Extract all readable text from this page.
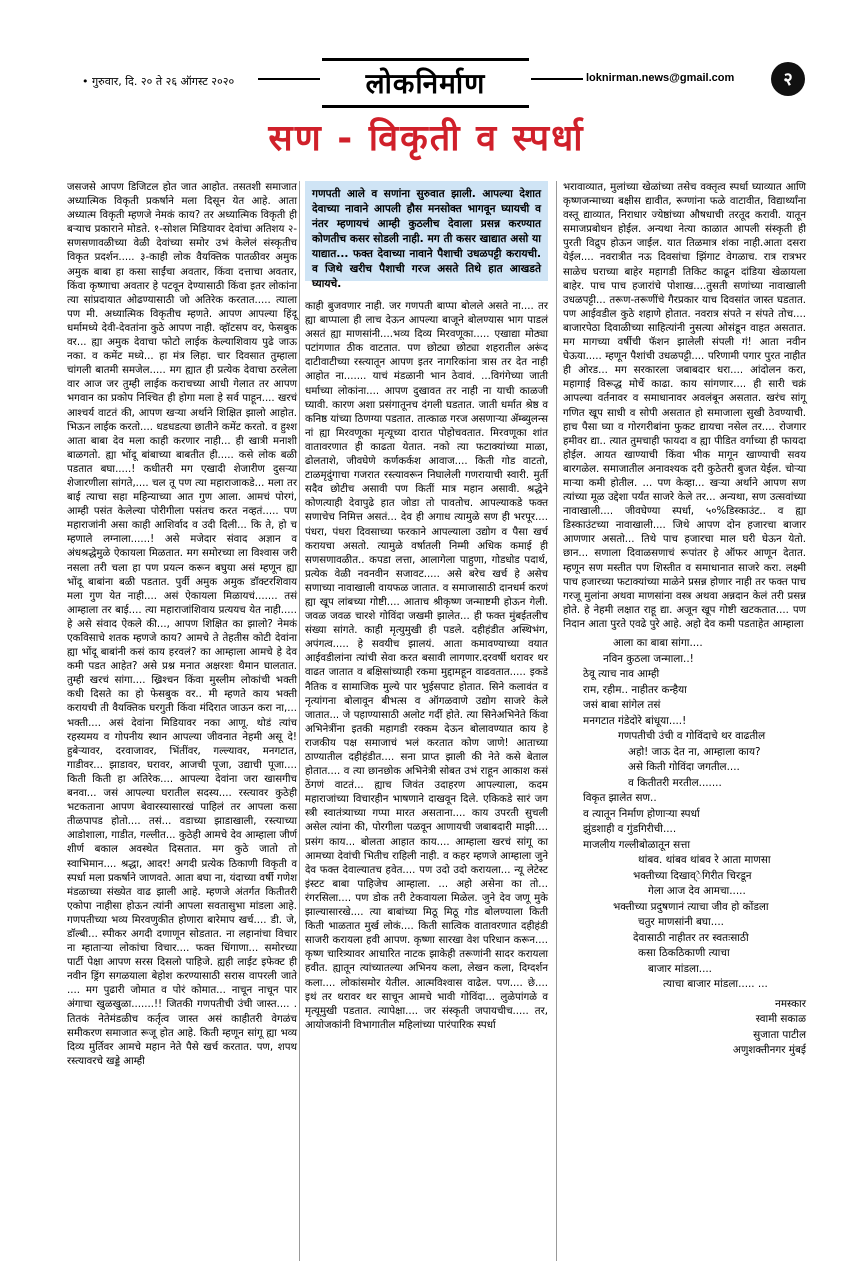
• गुरुवार, दि. २० ते २६ ऑगस्ट २०२०	लोकनिर्माण	loknirman.news@gmail.com	२
सण - विकृती व स्पर्धा

जसजसे आपण डिजिटल होत जात आहोत. तसतशी समाजात अध्यात्मिक विकृती प्रकर्षाने मला दिसून येत आहे. आता अध्यात्म विकृती म्हणजे नेमकं काय? तर अध्यात्मिक विकृती ही बऱ्याच प्रकाराने मोडते. १-सोशल मिडियावर देवांचा अतिशय २-सणसणावळीच्या वेळी देवांच्या समोर उभं केलेलं संस्कृतीच विकृत प्रदर्शन..... ३-काही लोक वैयक्तिक पातळीवर अमुक अमुक बाबा हा कसा साईंचा अवतार, किंवा दत्ताचा अवतार, किंवा कृष्णाचा अवतार हे पटवून देण्यासाठी किंवा इतर लोकांना त्या सांप्रदायात ओढण्यासाठी जो अतिरेक करतात..... त्याला पण मी. अध्यात्मिक विकृतीच म्हणते. आपण आपल्या हिंदू धर्मामध्ये देवी-देवतांना कुठे आपण नाही. व्हॉटसप वर, फेसबुक वर... ह्या अमुक देवाचा फोटो लाईक केल्याशिवाय पुढे जाऊ नका. व कमेंट मध्ये... हा मंत्र लिहा. चार दिवसात तुम्हाला चांगली बातमी समजेल..... मग ह्यात ही प्रत्येक देवाचा ठरलेला वार आज जर तुम्ही लाईक कराचच्या आधी गेलात तर आपण भगवान का प्रकोप निश्चित ही होगा मला हे सर्व पाहून.... खरचं आश्चर्य वाटतं की, आपण खऱ्या अर्थाने शिक्षित झालो आहोत. भिऊन लाईक करतो.... धडधडत्या छातीने कमेंट करतो. व हुश्श आता बाबा देव मला काही करणार नाही... ही खात्री मनाशी बाळगतो. ह्या भोंदू बांबाच्या बाबतीत ही..... कसे लोक बळी पडतात बघा.....! कधीतरी मग एखादी शेजारीण दुसऱ्या शेजारणीला सांगते,.... चल तू पण त्या महाराजाकडे... मला तर बाई त्याचा सहा महिन्याच्या आत गुण आला. आमचं पोरगं, आम्ही पसंत केलेल्या पोरीगीला पसंतच करत नव्हतं..... पण महाराजांनी असा काही आशिर्वाद व उदी दिली... कि ते, हो च म्हणाले लग्नाला......! असे मजेदार संवाद अज्ञान व अंधश्रद्धेमुळे ऐकायला मिळतात. मग समोरच्या ला विश्वास जरी नसला तरी चला हा पण प्रयत्न करून बघुया असं म्हणून ह्या भोंदू बाबांना बळी पडतात. पुर्वी अमुक अमुक डॉक्टरशिवाय मला गुण येत नाही.... असं ऐकायला मिळायचं....... तसं आम्हाला तर बाई.... त्या महाराजांशिवाय प्रत्ययच येत नाही..... हे असे संवाद ऐकले की..., आपण शिक्षित का झालो? नेमकं एकविसाचे शतक म्हणजे काय? आमचे ते तेहतीस कोटी देवांना ह्या भोंदू बाबांनी कसं काय हरवलं? का आम्हाला आमचे हे देव कमी पडत आहेत? असे प्रश्न मनात अक्षरशः थैमान घालतात. तुम्ही खरचं सांगा.... ख्रिश्चन किंवा मुस्लीम लोकांची भक्ती कधी दिसते का हो फेसबुक वर.. मी म्हणते काय भक्ती करायची ती वैयक्तिक घरगुती किंवा मंदिरात जाऊन करा ना,... भक्ती.... असं देवांना मिडियावर नका आणू. थोडं त्यांच रहस्यमय व गोपनीय स्थान आपल्या जीवनात नेहमी असू दे! हुबेऱ्यावर, दरवाजावर, भिंतींवर, गल्ल्यावर, मनगटात, गाडीवर... झाडावर, घरावर, आजची पूजा, उद्याची पूजा.... किती किती हा अतिरेक.... आपल्या देवांना जरा खासगीच बनवा... जसं आपल्या घरातील सदस्य.... रस्त्यावर कुठेही भटकताना आपण बेवारस्यासारखं पाहिलं तर आपला कसा तीळपापड होतो.... तसं... वडाच्या झाडाखाली, रस्त्याच्या आडोशाला, गाडीत, गल्लीत... कुठेही आमचे देव आम्हाला जीर्ण शीर्ण बकाल अवस्थेत दिसतात. मग कुठे जातो तो स्वाभिमान.... श्रद्धा, आदर! अगदी प्रत्येक ठिकाणी विकृती व स्पर्धा मला प्रकर्षाने जाणवते. आता बघा ना, यंदाच्या वर्षी गणेश मंडळाच्या संख्येत वाढ झाली आहे. म्हणजे अंतर्गत कितीतरी एकोपा नाहीसा होऊन त्यांनी आपला सवतासुभा मांडला आहे. गणपतीच्या भव्य मिरवणुकीत होणारा बारेमाप खर्च.... डी. जे, डॉल्बी... स्पीकर अगदी दणाणून सोडतात. ना लहानांचा विचार ना म्हाताऱ्या लोकांचा विचार.... फक्त धिंगाणा... समोरच्या पार्टी पेक्षा आपण सरस दिसलो पाहिजे. ह्यही लाईट इफेक्ट ही नवीन ड्रिंग सगळयाला बेहोश करण्यासाठी सरास वापरली जाते .... मग पुढारी जोमात व पोरं कोमात... नाचून नाचून पार अंगाचा खुळखुळा.......!! जितकी गणपतीची उंची जास्त.... . तितकं नेतेमंडळीच कर्तृत्व जास्त असं काहीतरी वेगळंच समीकरण समाजात रूजू होत आहे. किती म्हणून सांगू ह्या भव्य दिव्य मुर्तिवर आमचे महान नेते पैसे खर्च करतात. पण, शपथ रस्त्यावरचे खड्डे आम्ही

गणपती आले व सणांना सुरुवात झाली. आपल्या देशात देवाच्या नावाने आपली हौस मनसोक्त भागवून घ्यायची व नंतर म्हणायचं आम्ही कुठलीच देवाला प्रसन्न करण्यात कोणतीच कसर सोडली नाही. मग ती कसर खाद्यात असो या याद्यात... फक्त देवाच्या नावाने पैशाची उधळपट्टी करायची. व जिथे खरीच पैशाची गरज असते तिथे हात आखडते घ्यायचे.

काही बुजवणार नाही. जर गणपती बाप्पा बोलले असते ना.... तर ह्या बाप्पाला ही लाच देऊन आपल्या बाजूने बोलण्यास भाग पाडलं असतं ह्या माणसांनी....भव्य दिव्य मिरवणूका..... एखाद्या मोठ्या पटांगणात ठीक वाटतात. पण छोट्या छोट्या शहरातील अरूंद दाटीवाटीच्या रस्त्यातून आपण इतर नागरिकांना त्रास तर देत नाही आहोत ना....... याचं मंडळानी भान ठेवावं. ...विगंगेच्या जाती धर्माच्या लोकांना.... आपण दुखावत तर नाही ना याची काळजी घ्यावी. कारण अशा प्रसंगातूनच दंगली घडतात. जाती धर्मात श्रेष्ठ व कनिष्ठ यांच्या ठिणग्या पडतात. तात्काळ गरज असणाऱ्या ॲम्ब्युलन्स नां ह्या मिरवणूका मृत्यूच्या दारात पोहोचवतात. मिरवणूका शांत वातावरणात ही काढता येतात. नको त्या फटाक्यांच्या माळा, ढोलताशे, जीवघेणे कर्णकर्कश आवाज.... किती गोड वाटतो, टाळमृदुंगाचा गजरात रस्त्यावरून निघालेली गणरायाची स्वारी. मुर्ती सदैव छोटीच असावी पण कितीं मात्र महान असावी. श्रद्धेने कोणत्याही देवापुढे हात जोडा तो पावतोच. आपल्याकडे फक्त सणाचेच निमित्त असतं... देव ही अगाध त्यामुळे सण ही भरपूर.... पंधरा, पंधरा दिवसाच्या फरकाने आपल्याला उद्योग व पैसा खर्च करायचा असतो. त्यामुळे वर्षातली निम्मी अधिक कमाई ही सणसणावळीत.. कपडा लत्ता, आलागेला पाहुणा, गोडधोड पदार्थ, प्रत्येक वेळी नवनवीन सजावट..... असे बरेच खर्च हे असेच सणाच्या नावाखाली वायफळ जातात. व समाजासाठी दानधर्म करणं ह्या खूप लांबच्या गोष्टी.... आताच श्रीकृष्ण जन्माष्टमी होऊन गेली. जवळ जवळ चारशे गोविंदा जखमी झालेत... ही फक्त मुंबईतलीच संख्या सांगते. काही मृत्युमुखी ही पडले. दहीहंडीत अस्थिभंग, अपंगत्व..... हे सवयीच झालयं. आता कमावण्याच्या वयात आईवडीलांना त्यांची सेवा करत बसावी लागणार.दरवर्षी थरावर थर वाढत जातात व बक्षिसांच्याही रकमा मुद्दामहून वाढवतात..... इकडे नैतिक व सामाजिक मुल्ये पार भुईसपाट होतात. सिने कलावंत व नृत्यांगना बोलावून बीभत्स व ऑगळवाणे उद्योग साजरे केले जातात... जे पहाण्यासाठी अलोट गर्दी होते. त्या सिनेअभिनेते किंवा अभिनेत्रींना इतकी महागडी रक्कम देऊन बोलावण्यात काय हे राजकीय पक्ष समाजाचं भलं करतात कोण जाणे! आताच्या ठाण्यातील दहीहंडीत.... सना प्राप्त झाली की नेते कसे बेताल होतात.... व त्या छानछोक अभिनेत्री सोबत उभं राहून आकाश कसं ठेंगणं वाटतं... ह्याच जिवंत उदाहरण आपल्याला, कदम महाराजांच्या विचारहीन भाषणाने दाखवून दिले. एकिकडे सारं जग स्त्री स्वातंत्र्याच्या गप्पा मारत असताना.... काय उपरती सुचली असेल त्यांना की, पोरगीला पळवून आणायची जबाबदारी माझी.... प्रसंग काय... बोलता आहात काय.... आम्हाला खरचं सांगू का आमच्या देवांची भितीच राहिली नाही. व कहर म्हणजे आम्हाला जुने देव फक्त देवाल्यातच हवेत.... पण उदो उदो करायला... न्यू लेटेस्ट इंस्टट बाबा पाहिजेच आम्हाला. ... अहो असेना का तो... रंगरसिला.... पण डोक तरी टेकवायला मिळेल. जुने देव जणू मुके झाल्यासारखे.... त्या बाबांच्या मिठू मिठू गोड बोलण्याला किती किती भाळतात मुर्ख लोकं.... किती सात्विक वातावरणात दहीहंडी साजरी करायला हवी आपण. कृष्णा सारखा वेश परिधान करून.... कृष्ण चारित्र्यावर आधारित नाटक झाकेही तरूणांनी सादर करायला हवीत. ह्यातून त्यांच्यातल्या अभिनय कला, लेखन कला, दिग्दर्शन कला.... लोकांसमोर येतील. आत्मविश्वास वाढेल. पण.... छे.... इथं तर थरावर थर साचून आमचे भावी गोविंदा... लुळेपांगळे व मृत्यूमुखी पडतात. त्यापेक्षा.... जर संस्कृती जपायचीच..... तर, आयोजकांनी विभागातील महिलांच्या पारंपारिक स्पर्धा

भरावाव्यात, मुलांच्या खेळांच्या तसेच वक्तृत्व स्पर्धा घ्याव्यात आणि कृष्णजन्माच्या बक्षीस द्यावीत, रूग्णांना फळे वाटावीत, विद्यार्थ्यांना वस्तू द्याव्यात, निराधार ज्येष्ठांच्या औषधाची तरतूद करावी. यातून समाजप्रबोधन होईल. अन्यथा नेत्या काळात आपली संस्कृती ही पुरती विद्रुप होऊन जाईल. यात तिळमात्र शंका नाही.आता दसरा येईल.... नवरात्रीत नऊ दिवसांचा झिंगाट वेगळाच. रात्र रात्रभर साळेच घराच्या बाहेर महागडी तिकिट काढून दांडिया खेळायला बाहेर. पाच पाच हजारांचे पोशाख....तुसती सणांच्या नावाखाली उधळपट्टी... तरूण-तरूणींचे गैरप्रकार याच दिवसांत जास्त घडतात. पण आईवडील कुठे शहाणे होतात. नवरात्र संपते न संपते तोच.... बाजारपेठा दिवाळीच्या साहित्यांनी नुसत्या ओसंडून वाहत असतात. मग मागच्या वर्षीची फॅशन झालेली संपली गं! आता नवीन घेऊया..... म्हणून पैशांची उधळपट्टी.... परिणामी पगार पुरत नाहीत ही ओरड... मग सरकारला जबाबदार धरा.... आंदोलन करा, महागाई विरूद्ध मोर्चे काढा. काय सांगणार.... ही सारी चक्रं आपल्या वर्तनावर व समाधानावर अवलंबून असतात. खरंच सांगू गणित खूप साधी व सोपी असतात हो समाजाला सुखी ठेवण्याची. हाच पैसा घ्या व गोरगरीबांना फुकट द्यायचा नसेल तर.... रोजगार हमीवर द्या.. त्यात तुमचाही फायदा व ह्या पीडित वर्गाच्या ही फायदा होईल. आयत खाण्याची किंवा भीक मागून खाण्याची सवय बारगळेल. समाजातील अनावश्यक दरी कुठेतरी बुजत येईल. चोऱ्या माऱ्या कमी होतील. ... पण केव्हा... खऱ्या अर्थाने आपण सण त्यांच्या मूळ उद्देशा पर्यंत साजरे केले तर... अन्यथा, सण उत्सवांच्या नावाखाली.... जीवघेण्या स्पर्धा, ५०%डिस्काउंट.. व ह्या डिस्काउंटच्या नावाखाली.... जिथे आपण दोन हजारचा बाजार आणणार असतो... तिथे पाच हजारचा माल घरी घेऊन येतो. छान... सणाला दिवाळसणाचं रूपांतर हे ऑफर आणून देतात. म्हणून सण मस्तीत पण शिस्तीत व समाधानात साजरे करा. लक्ष्मी पाच हजारच्या फटाक्यांच्या माळेने प्रसन्न होणार नाही तर फक्त पाच गरजू मुलांना अथवा माणसांना वस्त्र अथवा अन्नदान केलं तरी प्रसन्न होते. हे नेहमी लक्षात राहू द्या. अजून खूप गोष्टी खटकतात.... पण निदान आता पुरते एवढे पुरे आहे. अहो देव कमी पडताहेत आम्हाला

आला का बाबा सांगा....
नविन कुठला जन्माला..!
ठेवू त्याच नाव आम्ही
राम, रहीम.. नाहीतर कन्हैया
जसं बाबा सांगेल तसं
मनगटात गंडेदोरे बांधूया....!
गणपतीची उंची व गोविंदाचे थर वाढतील
अहो! जाऊ देत ना, आम्हाला काय?
असे किती गोविंदा जगतील....
व कितीतरी मरतील.......
विकृत झालेत सण..
व त्यातून निर्माण होणाऱ्या स्पर्धा
झुंडशाही व गुंडगिरीची....
माजलीय गल्लीबोळातून सत्ता
थांबव. थांबव थांबव रे आता माणसा
भक्तीच्या दिखाव्ेगिरीत चिरडून
गेला आज देव आमचा.....
भक्तीच्या प्रदुषणानं त्याचा जीव हो कोंडला
चतुर माणसांनी बघा....
देवासाठी नाहीतर तर स्वतःसाठी
कसा ठिकठिकाणी त्याचा
बाजार मांडला....
त्याचा बाजार मांडला..... ...
नमस्कार
स्वामी सकाळ
सुजाता पाटील
अणुशक्तीनगर मुंबई
